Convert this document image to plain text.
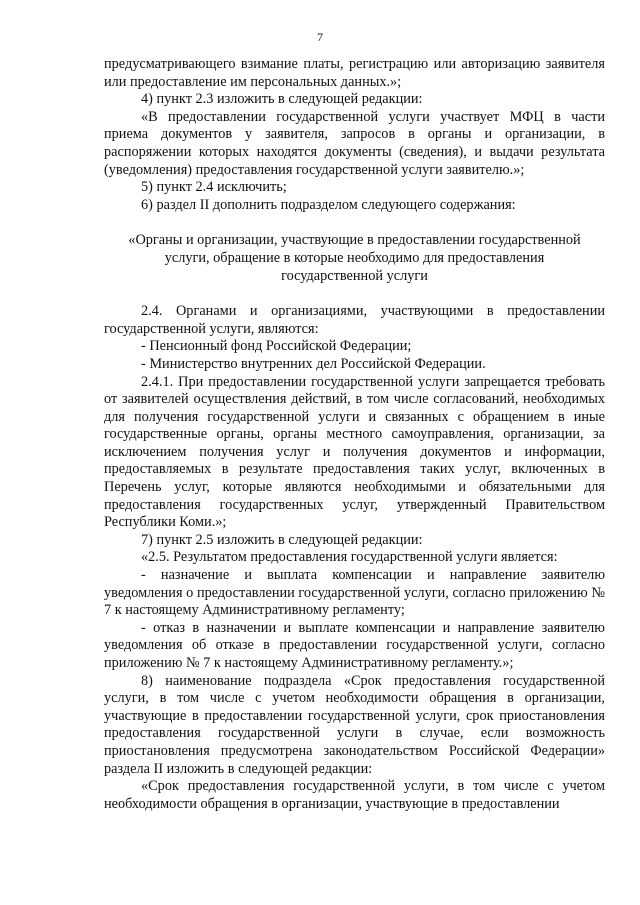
7

предусматривающего взимание платы, регистрацию или авторизацию заявителя или предоставление им персональных данных.»;

4) пункт 2.3 изложить в следующей редакции:

«В предоставлении государственной услуги участвует МФЦ в части приема документов у заявителя, запросов в органы и организации, в распоряжении которых находятся документы (сведения), и выдачи результата (уведомления) предоставления государственной услуги заявителю.»;

5) пункт 2.4 исключить;

6) раздел II дополнить подразделом следующего содержания:

«Органы и организации, участвующие в предоставлении государственной услуги, обращение в которые необходимо для предоставления государственной услуги

2.4. Органами и организациями, участвующими в предоставлении государственной услуги, являются:

- Пенсионный фонд Российской Федерации;

- Министерство внутренних дел Российской Федерации.

2.4.1. При предоставлении государственной услуги запрещается требовать от заявителей осуществления действий, в том числе согласований, необходимых для получения государственной услуги и связанных с обращением в иные государственные органы, органы местного самоуправления, организации, за исключением получения услуг и получения документов и информации, предоставляемых в результате предоставления таких услуг, включенных в Перечень услуг, которые являются необходимыми и обязательными для предоставления государственных услуг, утвержденный Правительством Республики Коми.»;

7) пункт 2.5 изложить в следующей редакции:

«2.5. Результатом предоставления государственной услуги является:

- назначение и выплата компенсации и направление заявителю уведомления о предоставлении государственной услуги, согласно приложению № 7 к настоящему Административному регламенту;

- отказ в назначении и выплате компенсации и направление заявителю уведомления об отказе в предоставлении государственной услуги, согласно приложению № 7 к настоящему Административному регламенту.»;

8) наименование подраздела «Срок предоставления государственной услуги, в том числе с учетом необходимости обращения в организации, участвующие в предоставлении государственной услуги, срок приостановления предоставления государственной услуги в случае, если возможность приостановления предусмотрена законодательством Российской Федерации» раздела II изложить в следующей редакции:

«Срок предоставления государственной услуги, в том числе с учетом необходимости обращения в организации, участвующие в предоставлении
